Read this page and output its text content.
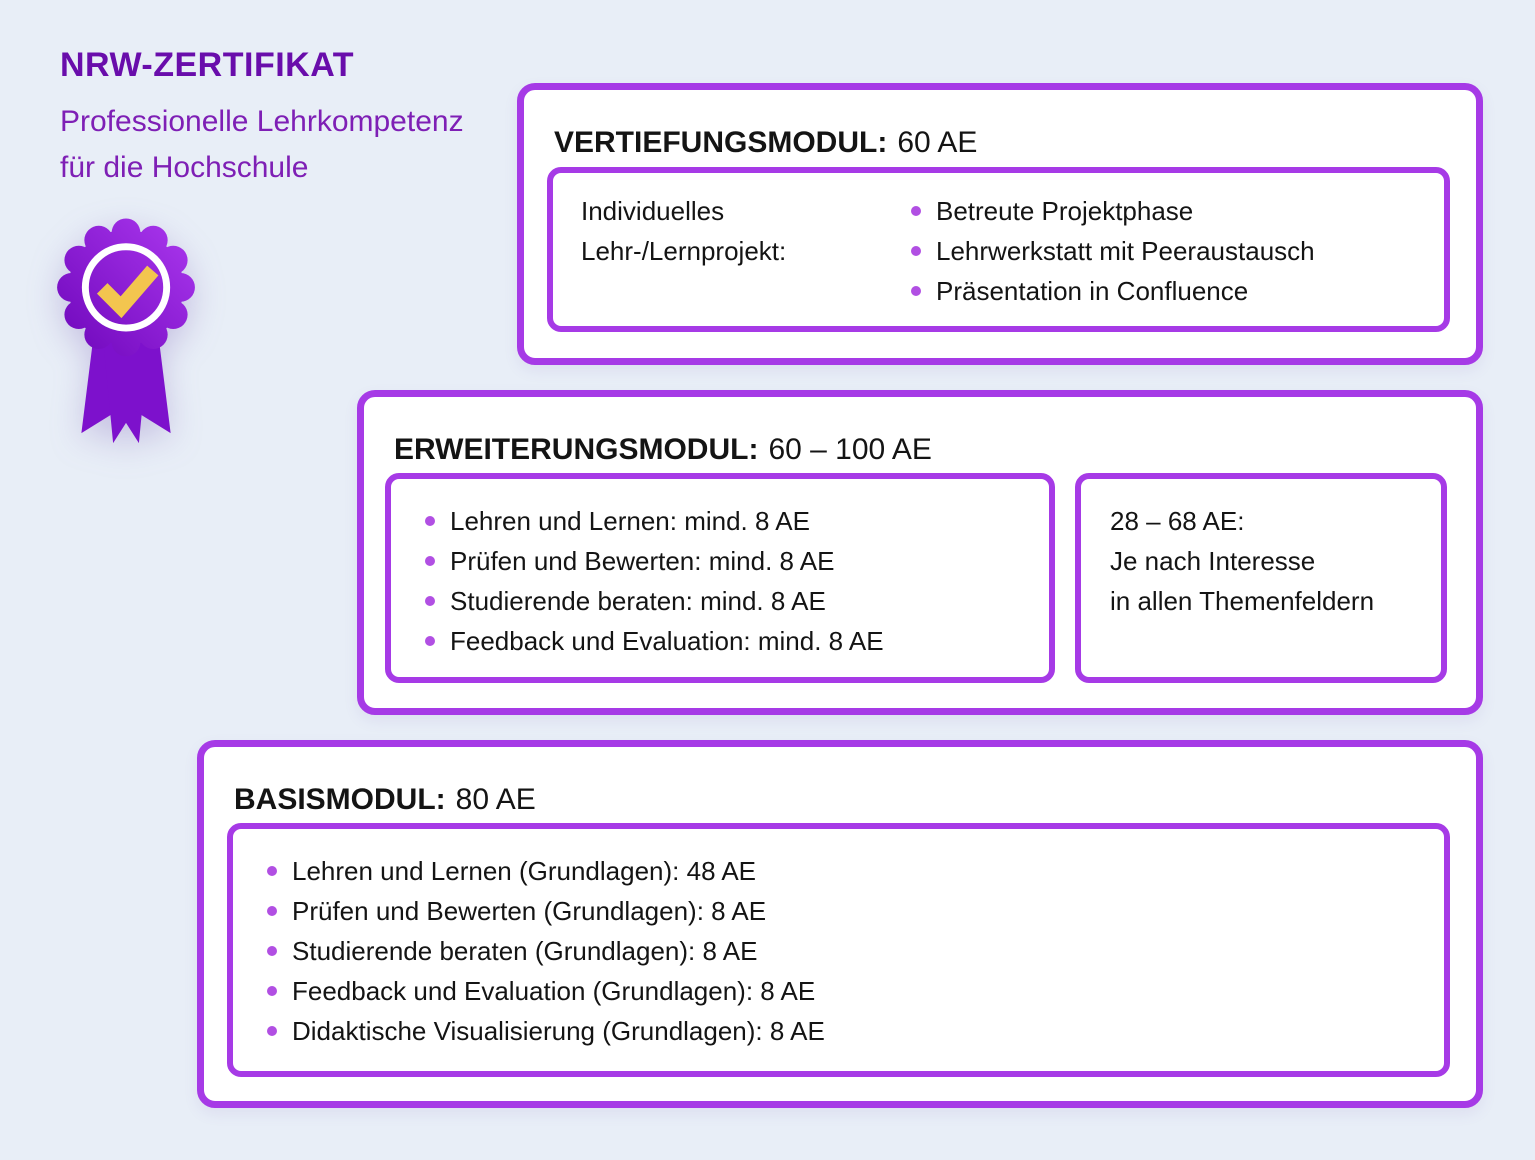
NRW-ZERTIFIKAT
Professionelle Lehrkompetenz
für die Hochschule
VERTIEFUNGSMODUL: 60 AE
Individuelles
Lehr-/Lernprojekt:
Betreute Projektphase
Lehrwerkstatt mit Peeraustausch
Präsentation in Confluence
ERWEITERUNGSMODUL: 60 – 100 AE
Lehren und Lernen: mind. 8 AE
Prüfen und Bewerten: mind. 8 AE
Studierende beraten: mind. 8 AE
Feedback und Evaluation: mind. 8 AE
28 – 68 AE:
Je nach Interesse
in allen Themenfeldern
BASISMODUL: 80 AE
Lehren und Lernen (Grundlagen): 48 AE
Prüfen und Bewerten (Grundlagen): 8 AE
Studierende beraten (Grundlagen): 8 AE
Feedback und Evaluation (Grundlagen): 8 AE
Didaktische Visualisierung (Grundlagen): 8 AE
